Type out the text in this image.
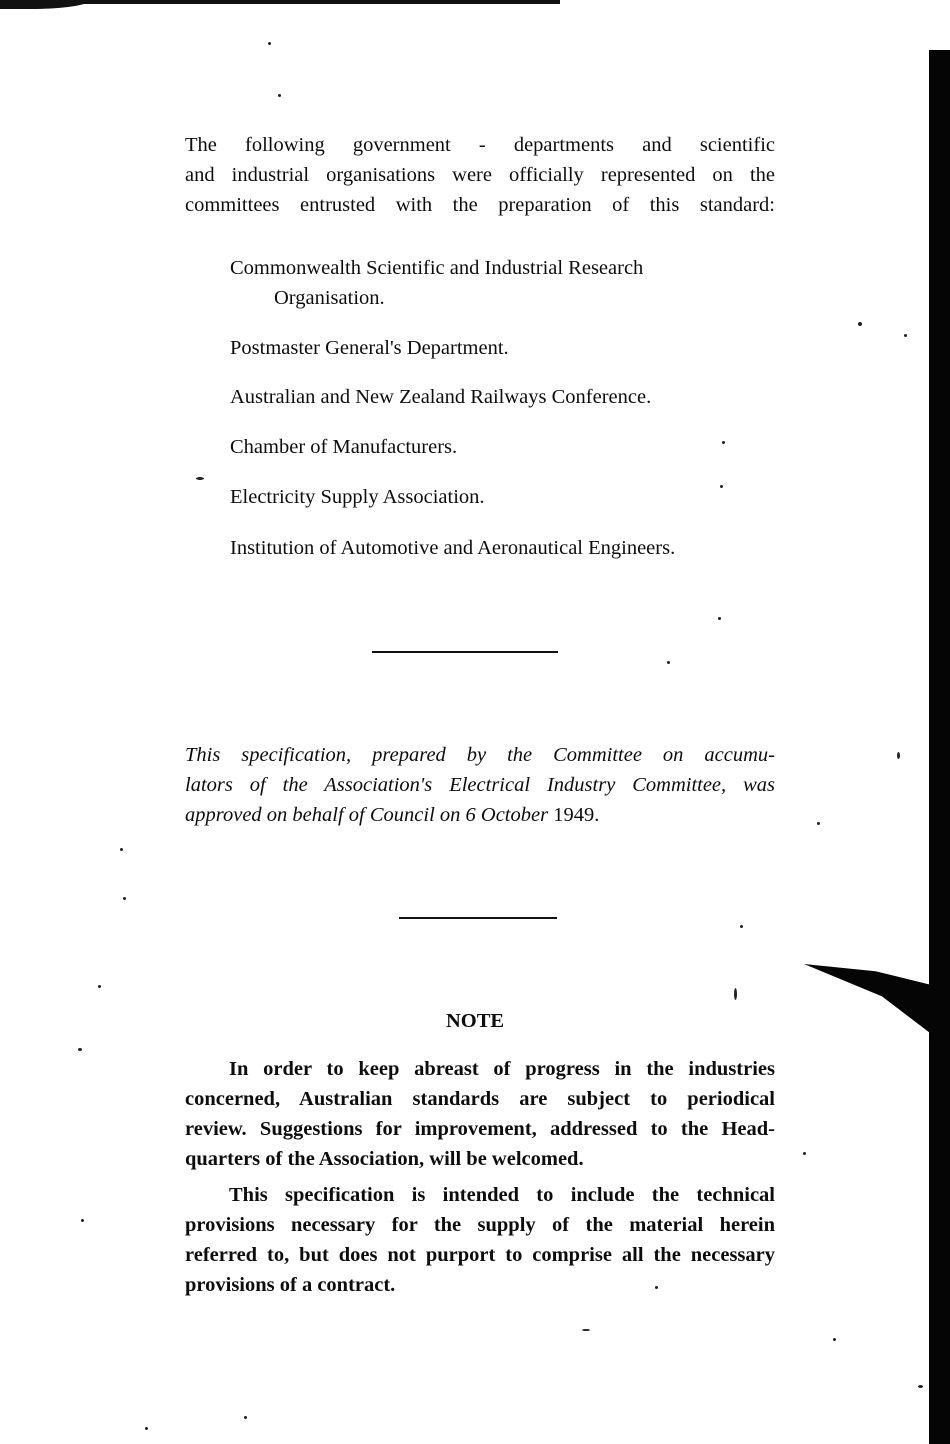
The following government - departments and scientific
and industrial organisations were officially represented on the
committees entrusted with the preparation of this standard:
Commonwealth Scientific and Industrial Research
Organisation.
Postmaster General's Department.
Australian and New Zealand Railways Conference.
Chamber of Manufacturers.
Electricity Supply Association.
Institution of Automotive and Aeronautical Engineers.
This specification, prepared by the Committee on accumu-
lators of the Association's Electrical Industry Committee, was
approved on behalf of Council on 6 October 1949.
NOTE
In order to keep abreast of progress in the industries
concerned, Australian standards are subject to periodical
review. Suggestions for improvement, addressed to the Head-
quarters of the Association, will be welcomed.
This specification is intended to include the technical
provisions necessary for the supply of the material herein
referred to, but does not purport to comprise all the necessary
provisions of a contract.
